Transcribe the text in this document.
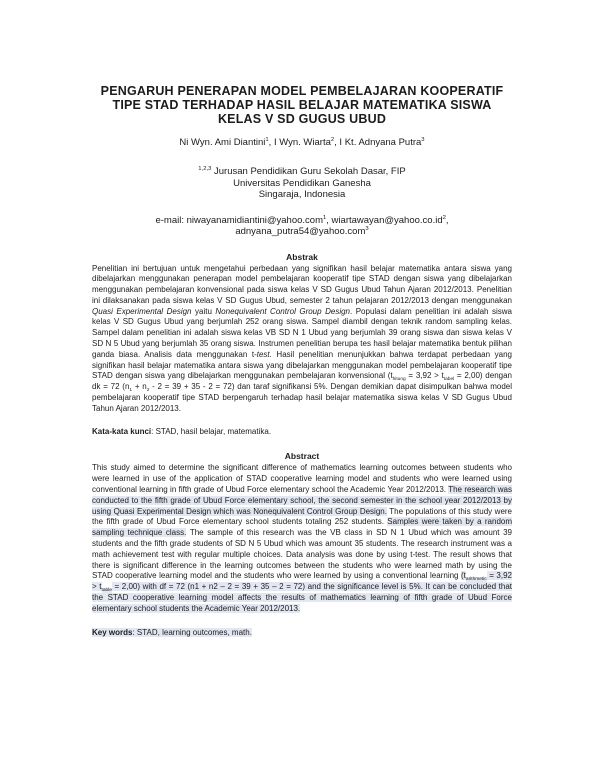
PENGARUH PENERAPAN MODEL PEMBELAJARAN KOOPERATIF
TIPE STAD TERHADAP HASIL BELAJAR MATEMATIKA SISWA
KELAS V SD GUGUS UBUD
Ni Wyn. Ami Diantini$^1$, I Wyn. Wiarta$^2$, I Kt. Adnyana Putra$^3$
$^{1,2,3}$ Jurusan Pendidikan Guru Sekolah Dasar, FIP
Universitas Pendidikan Ganesha
Singaraja, Indonesia
e-mail: niwayanamidiantini@yahoo.com$^1$, $wiartawayan@yahoo.co.id^2$,
adnyana_putra54@yahoo.com$^3$
Abstrak
Penelitian ini bertujuan untuk mengetahui perbedaan yang signifikan hasil belajar matematika antara siswa yang dibelajarkan menggunakan penerapan model pembelajaran kooperatif tipe STAD dengan siswa yang dibelajarkan menggunakan pembelajaran konvensional pada siswa kelas V SD Gugus Ubud Tahun Ajaran 2012/2013. Penelitian ini dilaksanakan pada siswa kelas V SD Gugus Ubud, semester 2 tahun pelajaran 2012/2013 dengan menggunakan Quasi Experimental Design yaitu Nonequivalent Control Group Design. Populasi dalam penelitian ini adalah siswa kelas V SD Gugus Ubud yang berjumlah 252 orang siswa. Sampel diambil dengan teknik random sampling kelas. Sampel dalam penelitian ini adalah siswa kelas VB SD N 1 Ubud yang berjumlah 39 orang siswa dan siswa kelas V SD N 5 Ubud yang berjumlah 35 orang siswa. Instrumen penelitian berupa tes hasil belajar matematika bentuk pilihan ganda biasa. Analisis data menggunakan t-test. Hasil penelitian menunjukkan bahwa terdapat perbedaan yang signifikan hasil belajar matematika antara siswa yang dibelajarkan menggunakan model pembelajaran kooperatif tipe STAD dengan siswa yang dibelajarkan menggunakan pembelajaran konvensional $(t_{hitung} = 3,92 > t_{tabel} = 2,00)$ dengan dk = 72 $(n_1 + n_2 - 2 = 39 + 35 - 2 = 72)$ dan taraf signifikansi 5%. Dengan demikian dapat disimpulkan bahwa model pembelajaran kooperatif tipe STAD berpengaruh terhadap hasil belajar matematika siswa kelas V SD Gugus Ubud Tahun Ajaran 2012/2013.
Kata-kata kunci: STAD, hasil belajar, matematika.
Abstract
This study aimed to determine the significant difference of mathematics learning outcomes between students who were learned in use of the application of STAD cooperative learning model and students who were learned using conventional learning in fifth grade of Ubud Force elementary school the Academic Year 2012/2013. The research was conducted to the fifth grade of Ubud Force elementary school, the second semester in the school year 2012/2013 by using Quasi Experimental Design which was Nonequivalent Control Group Design. The populations of this study were the fifth grade of Ubud Force elementary school students totaling 252 students. Samples were taken by a random sampling technique class. The sample of this research was the VB class in SD N 1 Ubud which was amount 39 students and the fifth grade students of SD N 5 Ubud which was amount 35 students. The research instrument was a math achievement test with regular multiple choices. Data analysis was done by using t-test. The result shows that there is significant difference in the learning outcomes between the students who were learned math by using the STAD cooperative learning model and the students who were learned by using a conventional learning $(t_{arithmetic} = 3,92 > t_{table} = 2,00)$ with df = 72 (n1 + n2 – 2 = 39 + 35 – 2 = 72) and the significance level is 5%. It can be concluded that the STAD cooperative learning model affects the results of mathematics learning of fifth grade of Ubud Force elementary school students the Academic Year 2012/2013.
Key words: STAD, learning outcomes, math.
